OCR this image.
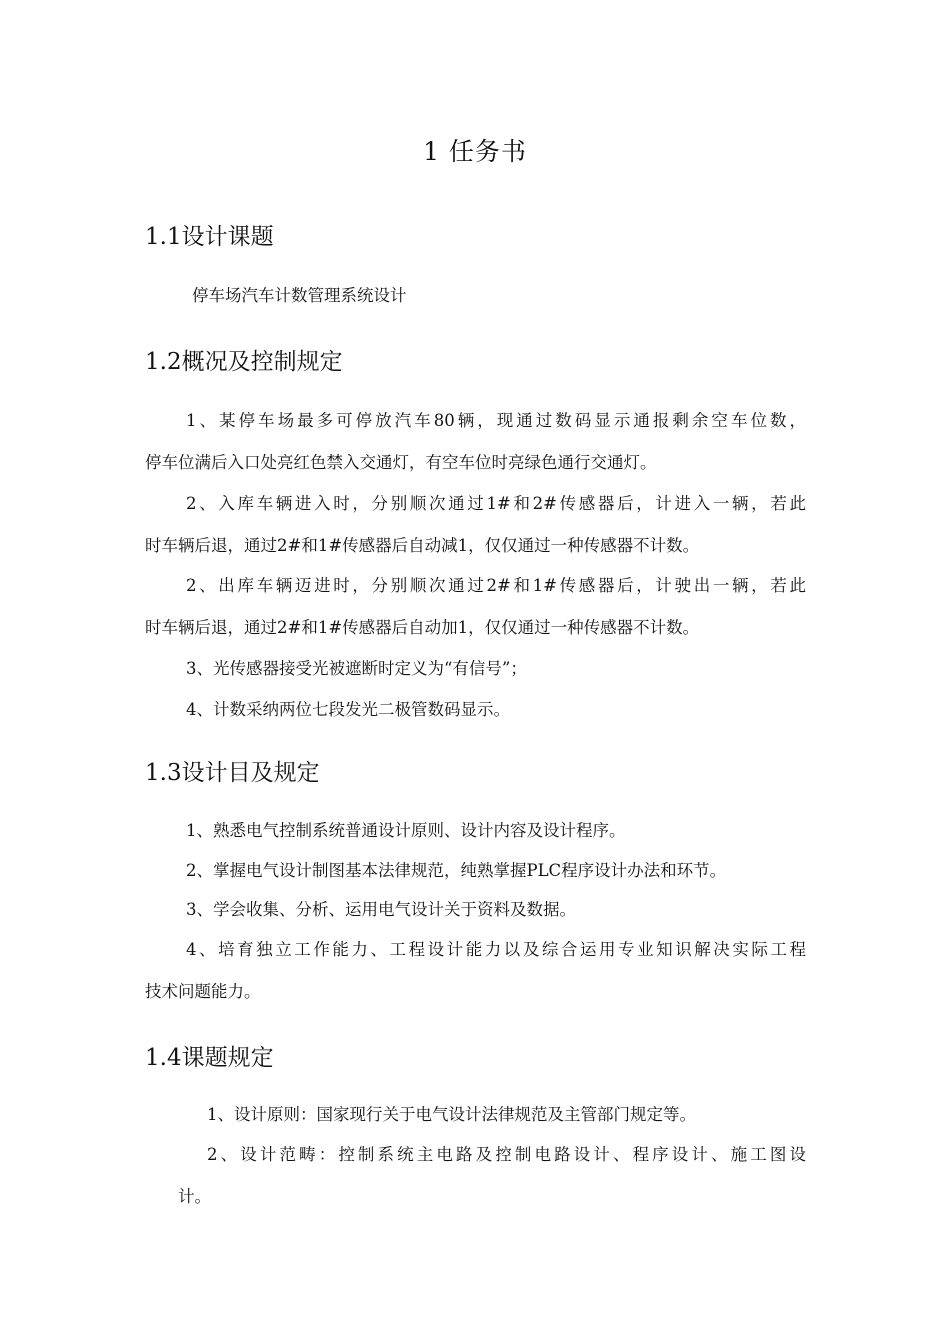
1 任务书
1.1设计课题
停车场汽车计数管理系统设计
1.2概况及控制规定
1、某停车场最多可停放汽车80辆，现通过数码显示通报剩余空车位数，
停车位满后入口处亮红色禁入交通灯，有空车位时亮绿色通行交通灯。
2、入库车辆进入时，分别顺次通过1#和2#传感器后，计进入一辆，若此
时车辆后退，通过2#和1#传感器后自动减1，仅仅通过一种传感器不计数。
2、出库车辆迈进时，分别顺次通过2#和1#传感器后，计驶出一辆，若此
时车辆后退，通过2#和1#传感器后自动加1，仅仅通过一种传感器不计数。
3、光传感器接受光被遮断时定义为“有信号”；
4、计数采纳两位七段发光二极管数码显示。
1.3设计目及规定
1、熟悉电气控制系统普通设计原则、设计内容及设计程序。
2、掌握电气设计制图基本法律规范，纯熟掌握PLC程序设计办法和环节。
3、学会收集、分析、运用电气设计关于资料及数据。
4、培育独立工作能力、工程设计能力以及综合运用专业知识解决实际工程
技术问题能力。
1.4课题规定
1、设计原则：国家现行关于电气设计法律规范及主管部门规定等。
2、设计范畴：控制系统主电路及控制电路设计、程序设计、施工图设
计。
